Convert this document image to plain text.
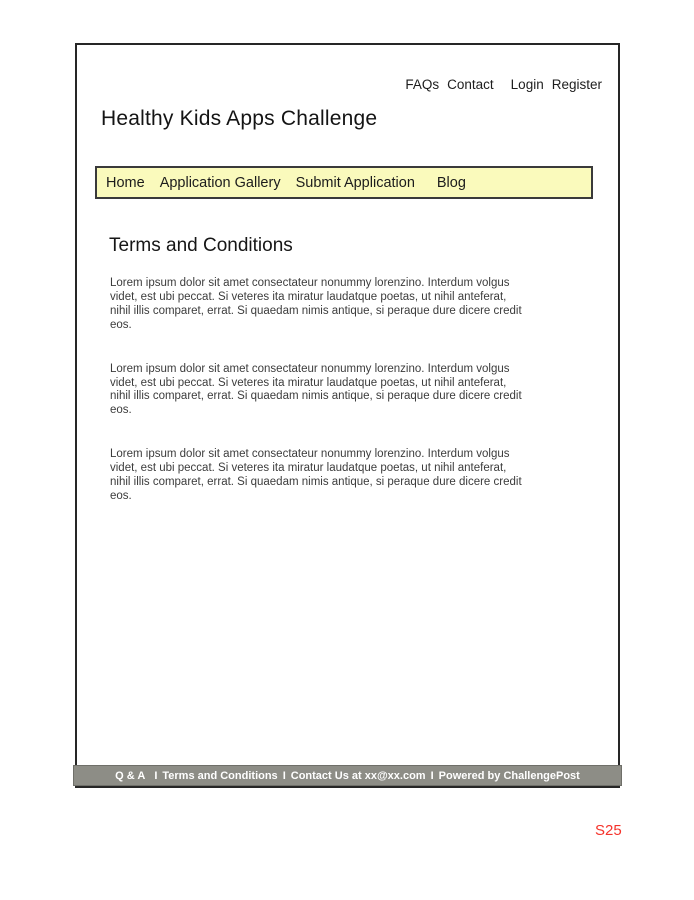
FAQs Contact Login Register
Healthy Kids Apps Challenge
Home Application Gallery Submit Application Blog
Terms and Conditions

Lorem ipsum dolor sit amet consectateur nonummy lorenzino. Interdum volgus videt, est ubi peccat. Si veteres ita miratur laudatque poetas, ut nihil anteferat, nihil illis comparet, errat. Si quaedam nimis antique, si peraque dure dicere credit eos.

Lorem ipsum dolor sit amet consectateur nonummy lorenzino. Interdum volgus videt, est ubi peccat. Si veteres ita miratur laudatque poetas, ut nihil anteferat, nihil illis comparet, errat. Si quaedam nimis antique, si peraque dure dicere credit eos.

Lorem ipsum dolor sit amet consectateur nonummy lorenzino. Interdum volgus videt, est ubi peccat. Si veteres ita miratur laudatque poetas, ut nihil anteferat, nihil illis comparet, errat. Si quaedam nimis antique, si peraque dure dicere credit eos.

Q & A I Terms and Conditions I Contact Us at xx@xx.com I Powered by ChallengePost
S25
